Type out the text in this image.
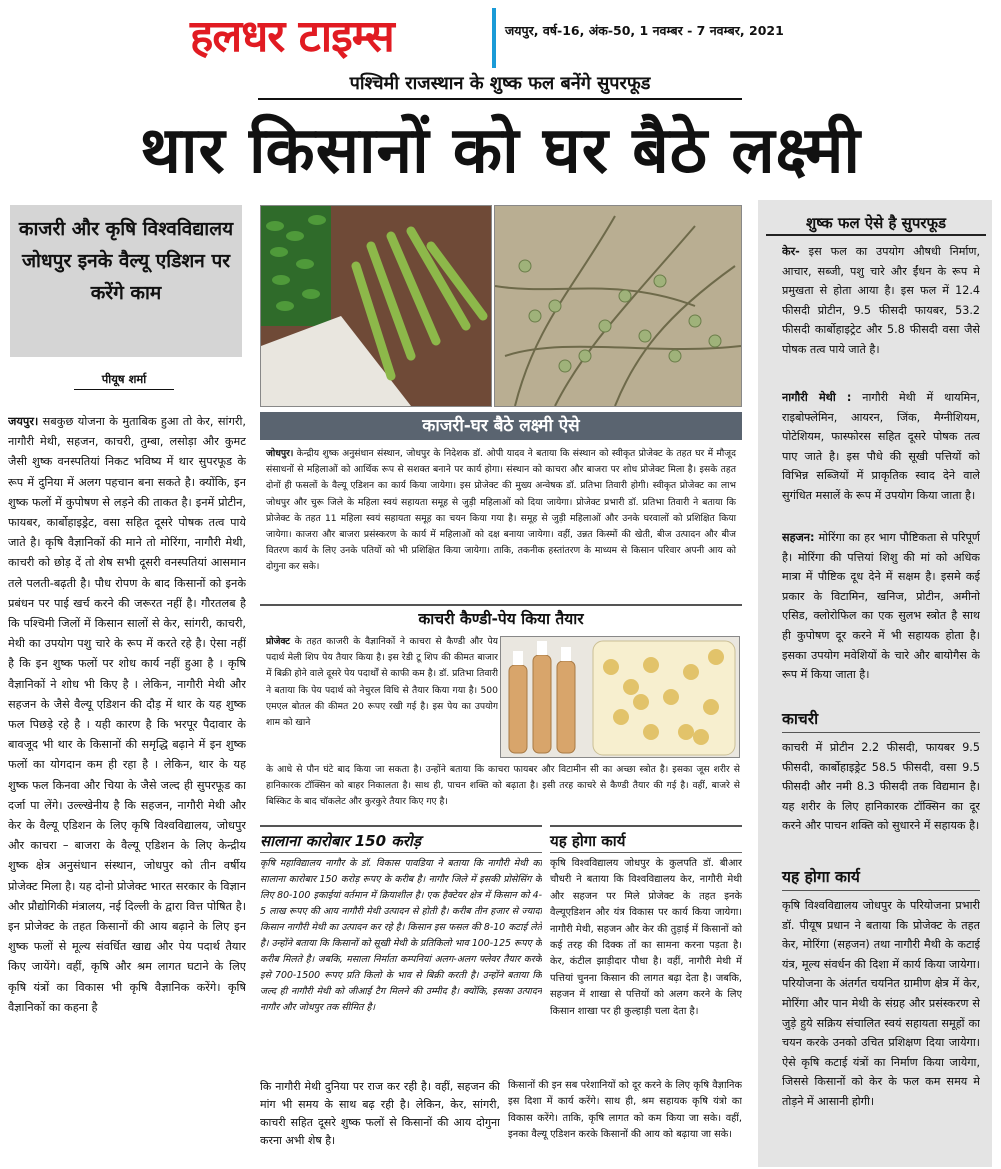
हलधर टाइम्स	जयपुर, वर्ष-16, अंक-50, 1 नवम्बर - 7 नवम्बर, 2021
पश्चिमी राजस्थान के शुष्क फल बनेंगे सुपरफूड
थार किसानों को घर बैठे लक्ष्मी
काजरी और कृषि विश्वविद्यालय जोधपुर इनके वैल्यू एडिशन पर करेंगे काम
पीयूष शर्मा
जयपुर। सबकुछ योजना के मुताबिक हुआ तो केर, सांगरी, नागौरी मेथी, सहजन, काचरी, तुम्बा, लसोड़ा और कुमट जैसी शुष्क वनस्पतियां निकट भविष्य में थार सुपरफूड के रूप में दुनिया में अलग पहचान बना सकते है। क्योंकि, इन शुष्क फलों में कुपोषण से लड़ने की ताकत है। इनमें प्रोटीन, फायबर, कार्बोहाइड्रेट, वसा सहित दूसरे पोषक तत्व पाये जाते है। कृषि वैज्ञानिकों की माने तो मोरिंगा, नागौरी मेथी, काचरी को छोड़ दें तो शेष सभी दूसरी वनस्पतियां आसमान तले पलती-बढ़ती है। पौध रोपण के बाद किसानों को इनके प्रबंधन पर पाई खर्च करने की जरूरत नहीं है। गौरतलब है कि पश्चिमी जिलों में किसान सालों से केर, सांगरी, काचरी, मेथी का उपयोग पशु चारे के रूप में करते रहे है। ऐसा नहीं है कि इन शुष्क फलों पर शोध कार्य नहीं हुआ है । कृषि वैज्ञानिकों ने शोध भी किए है । लेकिन, नागौरी मेथी और सहजन के जैसे वैल्यू एडिशन की दौड़ में थार के यह शुष्क फल पिछड़े रहे है । यही कारण है कि भरपूर पैदावार के बावजूद भी थार के किसानों की समृद्धि बढ़ाने में इन शुष्क फलों का योगदान कम ही रहा है । लेकिन, थार के यह शुष्क फल किनवा और चिया के जैसे जल्द ही सुपरफूड का दर्जा पा लेंगे। उल्ल्खेनीय है कि सहजन, नागौरी मेथी और केर के वैल्यू एडिशन के लिए कृषि विश्वविद्यालय, जोधपुर और काचरा – बाजरा के वैल्यू एडिशन के लिए केन्द्रीय शुष्क क्षेत्र अनुसंधान संस्थान, जोधपुर को तीन वर्षीय प्रोजेक्ट मिला है। यह दोनो प्रोजेक्ट भारत सरकार के विज्ञान और प्रौद्योगिकी मंत्रालय, नई दिल्ली के द्वारा वित्त पोषित है। इन प्रोजेक्ट के तहत किसानों की आय बढ़ाने के लिए इन शुष्क फलों से मूल्य संवर्धित खाद्य और पेय पदार्थ तैयार किए जायेंगे। वहीं, कृषि और श्रम लागत घटाने के लिए कृषि यंत्रों का विकास भी कृषि वैज्ञानिक करेंगे। कृषि वैज्ञानिकों का कहना है
काजरी-घर बैठे लक्ष्मी ऐसे
जोधपुर। केन्द्रीय शुष्क अनुसंधान संस्थान, जोधपुर के निदेशक डॉ. ओपी यादव ने बताया कि संस्थान को स्वीकृत प्रोजेक्ट के तहत घर में मौजूद संसाधनों से महिलाओं को आर्थिक रूप से सशक्त बनाने पर कार्य होगा। संस्थान को काचरा और बाजरा पर शोध प्रोजेक्ट मिला है। इसके तहत दोनों ही फसलों के वैल्यू एडिशन का कार्य किया जायेगा। इस प्रोजेक्ट की मुख्य अन्वेषक डॉ. प्रतिभा तिवारी होगी। स्वीकृत प्रोजेक्ट का लाभ जोधपुर और चुरू जिले के महिला स्वयं सहायता समूह से जुड़ी महिलाओं को दिया जायेगा। प्रोजेक्ट प्रभारी डॉ. प्रतिभा तिवारी ने बताया कि प्रोजेक्ट के तहत 11 महिला स्वयं सहायता समूह का चयन किया गया है। समूह से जुड़ी महिलाओं और उनके घरवालों को प्रशिक्षित किया जायेगा। काजरा और बाजरा प्रसंस्करण के कार्य में महिलाओं को दक्ष बनाया जायेगा। वहीं, उन्नत किस्मों की खेती, बीज उत्पादन और बीज वितरण कार्य के लिए उनके पतियों को भी प्रशिक्षित किया जायेगा। ताकि, तकनीक हस्तांतरण के माध्यम से किसान परिवार अपनी आय को दोगुना कर सके।
काचरी कैण्डी-पेय किया तैयार
प्रोजेक्ट के तहत काजरी के वैज्ञानिकों ने काचरा से कैण्डी और पेय पदार्थ मेली शिप पेय तैयार किया है। इस रेडी टू शिप की कीमत बाजार में बिक्री होने वाले दूसरे पेय पदार्थों से काफी कम है। डॉ. प्रतिभा तिवारी ने बताया कि पेय पदार्थ को नेचुरल विधि से तैयार किया गया है। 500 एमएल बोतल की कीमत 20 रूपए रखी गई है। इस पेय का उपयोग शाम को खाने
के आधे से पौन घंटे बाद किया जा सकता है। उन्होंने बताया कि काचरा फायबर और विटामीन सी का अच्छा स्त्रोत है। इसका जूस शरीर से हानिकारक टॉक्सिन को बाहर निकालता है। साथ ही, पाचन शक्ति को बढ़ाता है। इसी तरह काचरे से कैण्डी तैयार की गई है। वहीं, बाजरे से बिस्किट के बाद चॉकलेट और कुरकुरे तैयार किए गए है।
सालाना कारोबार 150 करोड़
कृषि महाविद्यालय नागौर के डॉ. विकास पावडिया ने बताया कि नागौरी मेथी का सालाना कारोबार 150 करोड़ रूपए के करीब है। नागौर जिले में इसकी प्रोसेसिंग के लिए 80-100 इकाईयां वर्तमान में क्रियाशील है। एक हैक्टेयर क्षेत्र में किसान को 4-5 लाख रूपए की आय नागौरी मेथी उत्पादन से होती है। करीब तीन हजार से ज्यादा किसान नागौरी मेथी का उत्पादन कर रहे है। किसान इस फसल की 8-10 कटाई लेते है। उन्होंने बताया कि किसानों को सूखी मेथी के प्रतिकिलो भाव 100-125 रूपए के करीब मिलते है। जबकि, मसाला निर्माता कम्पनियां अलग-अलग फ्लेवर तैयार करके इसे 700-1500 रूपए प्रति किलो के भाव से बिक्री करती है। उन्होंने बताया कि जल्द ही नागौरी मेथी को जीआई टैग मिलने की उम्मीद है। क्योंकि, इसका उत्पादन नागौर और जोधपुर तक सीमित है।
यह होगा कार्य
कृषि विश्वविद्यालय जोधपुर के कुलपति डॉ. बीआर चौधरी ने बताया कि विश्वविद्यालय केर, नागौरी मेथी और सहजन पर मिले प्रोजेक्ट के तहत इनके वैल्यूएडिशन और यंत्र विकास पर कार्य किया जायेगा। नागौरी मेथी, सहजन और केर की तुड़ाई में किसानों को कई तरह की दिक्क तों का सामना करना पड़ता है। केर, कंटील झाड़ीदार पौधा है। वहीं, नागौरी मेथी में पत्तियां चुनना किसान की लागत बढ़ा देता है। जबकि, सहजन में शाखा से पत्तियों को अलग करने के लिए किसान शाखा पर ही कुल्हाड़ी चला देता है।
कि नागौरी मेथी दुनिया पर राज कर रही है। वहीं, सहजन की मांग भी समय के साथ बढ़ रही है। लेकिन, केर, सांगरी, काचरी सहित दूसरे शुष्क फलों से किसानों की आय दोगुना करना अभी शेष है।
किसानों की इन सब परेशानियों को दूर करने के लिए कृषि वैज्ञानिक इस दिशा में कार्य करेंगे। साथ ही, श्रम सहायक कृषि यंत्रो का विकास करेंगे। ताकि, कृषि लागत को कम किया जा सके। वहीं, इनका वैल्यू एडिशन करके किसानों की आय को बढ़ाया जा सके।
शुष्क फल ऐसे है सुपरफूड
केर- इस फल का उपयोग औषधी निर्माण, आचार, सब्जी, पशु चारे और ईंधन के रूप मे प्रमुखता से होता आया है। इस फल में 12.4 फीसदी प्रोटीन, 9.5 फीसदी फायबर, 53.2 फीसदी कार्बोहाइट्रेट और 5.8 फीसदी वसा जैसे पोषक तत्व पाये जाते है।
नागौरी मेथी : नागौरी मेथी में थायमिन, राइबोफ्लेमिन, आयरन, जिंक, मैग्नीशियम, पोटेशियम, फास्फोरस सहित दूसरे पोषक तत्व पाए जाते है। इस पौधे की सूखी पत्तियों को विभिन्न सब्जियों में प्राकृतिक स्वाद देने वाले सुगंधित मसालें के रूप में उपयोग किया जाता है।
सहजन: मोरिंगा का हर भाग पौष्टिकता से परिपूर्ण है। मोरिंगा की पत्तियां शिशु की मां को अधिक मात्रा में पौष्टिक दूध देने में सक्षम है। इसमे कई प्रकार के विटामिन, खनिज, प्रोटीन, अमीनो एसिड, क्लोरोफिल का एक सुलभ स्त्रोत है साथ ही कुपोषण दूर करने में भी सहायक होता है। इसका उपयोग मवेशियों के चारे और बायोगैस के रूप में किया जाता है।
काचरी
काचरी में प्रोटीन 2.2 फीसदी, फायबर 9.5 फीसदी, कार्बोहाइड्रेट 58.5 फीसदी, वसा 9.5 फीसदी और नमी 8.3 फीसदी तक विद्यमान है। यह शरीर के लिए हानिकारक टॉक्सिन का दूर करने और पाचन शक्ति को सुधारने में सहायक है।
यह होगा कार्य
कृषि विश्वविद्यालय जोधपुर के परियोजना प्रभारी डॉ. पीयूष प्रधान ने बताया कि प्रोजेक्ट के तहत केर, मोरिंगा (सहजन) तथा नागौरी मैथी के कटाई यंत्र, मूल्य संवर्धन की दिशा में कार्य किया जायेगा। परियोजना के अंतर्गत चयनित ग्रामीण क्षेत्र में केर, मोरिंगा और पान मेथी के संग्रह और प्रसंस्करण से जुड़े हुये सक्रिय संचालित स्वयं सहायता समूहों का चयन करके उनको उचित प्रशिक्षण दिया जायेगा। ऐसे कृषि कटाई यंत्रों का निर्माण किया जायेगा, जिससे किसानों को केर के फल कम समय मे तोड़ने में आसानी होगी।
